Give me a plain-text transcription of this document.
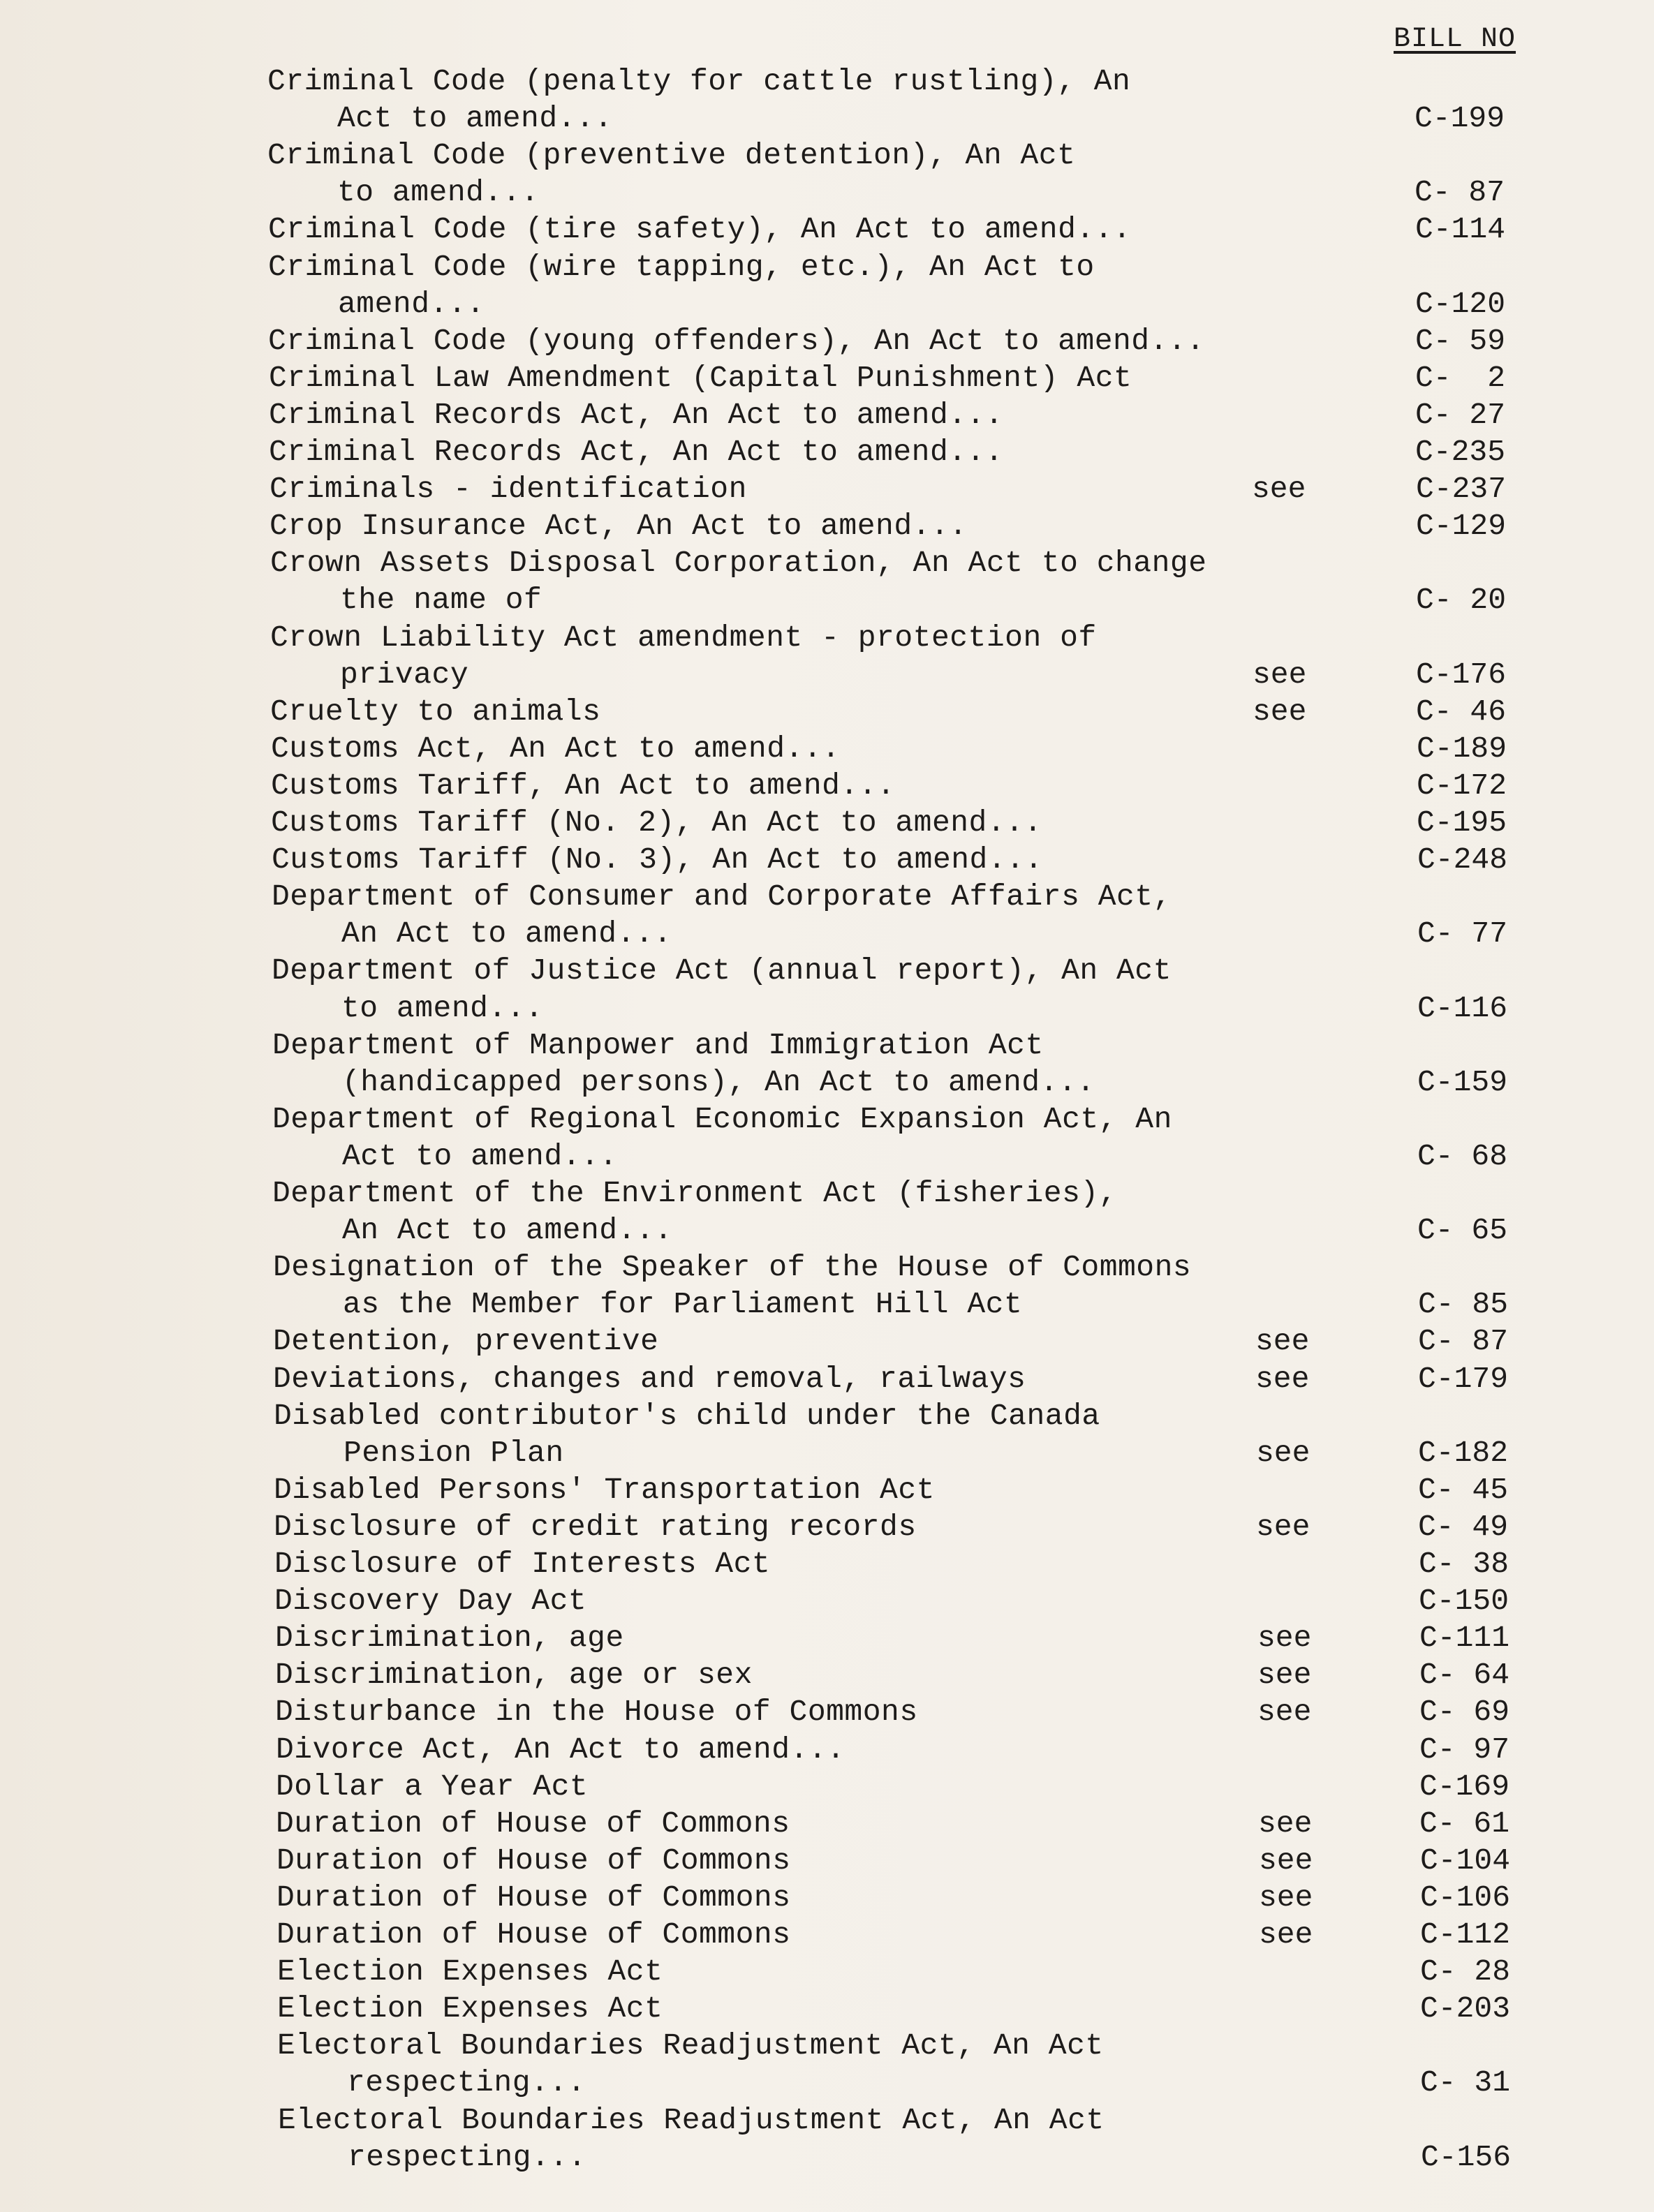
BILL NO
Criminal Code (penalty for cattle rustling), An
Act to amend...	C-199
Criminal Code (preventive detention), An Act
to amend...	C- 87
Criminal Code (tire safety), An Act to amend...	C-114
Criminal Code (wire tapping, etc.), An Act to
amend...	C-120
Criminal Code (young offenders), An Act to amend...	C- 59
Criminal Law Amendment (Capital Punishment) Act	C-  2
Criminal Records Act, An Act to amend...	C- 27
Criminal Records Act, An Act to amend...	C-235
Criminals - identification	see	C-237
Crop Insurance Act, An Act to amend...	C-129
Crown Assets Disposal Corporation, An Act to change
the name of	C- 20
Crown Liability Act amendment - protection of
privacy	see	C-176
Cruelty to animals	see	C- 46
Customs Act, An Act to amend...	C-189
Customs Tariff, An Act to amend...	C-172
Customs Tariff (No. 2), An Act to amend...	C-195
Customs Tariff (No. 3), An Act to amend...	C-248
Department of Consumer and Corporate Affairs Act,
An Act to amend...	C- 77
Department of Justice Act (annual report), An Act
to amend...	C-116
Department of Manpower and Immigration Act
(handicapped persons), An Act to amend...	C-159
Department of Regional Economic Expansion Act, An
Act to amend...	C- 68
Department of the Environment Act (fisheries),
An Act to amend...	C- 65
Designation of the Speaker of the House of Commons
as the Member for Parliament Hill Act	C- 85
Detention, preventive	see	C- 87
Deviations, changes and removal, railways	see	C-179
Disabled contributor's child under the Canada
Pension Plan	see	C-182
Disabled Persons' Transportation Act	C- 45
Disclosure of credit rating records	see	C- 49
Disclosure of Interests Act	C- 38
Discovery Day Act	C-150
Discrimination, age	see	C-111
Discrimination, age or sex	see	C- 64
Disturbance in the House of Commons	see	C- 69
Divorce Act, An Act to amend...	C- 97
Dollar a Year Act	C-169
Duration of House of Commons	see	C- 61
Duration of House of Commons	see	C-104
Duration of House of Commons	see	C-106
Duration of House of Commons	see	C-112
Election Expenses Act	C- 28
Election Expenses Act	C-203
Electoral Boundaries Readjustment Act, An Act
respecting...	C- 31
Electoral Boundaries Readjustment Act, An Act
respecting...	C-156
